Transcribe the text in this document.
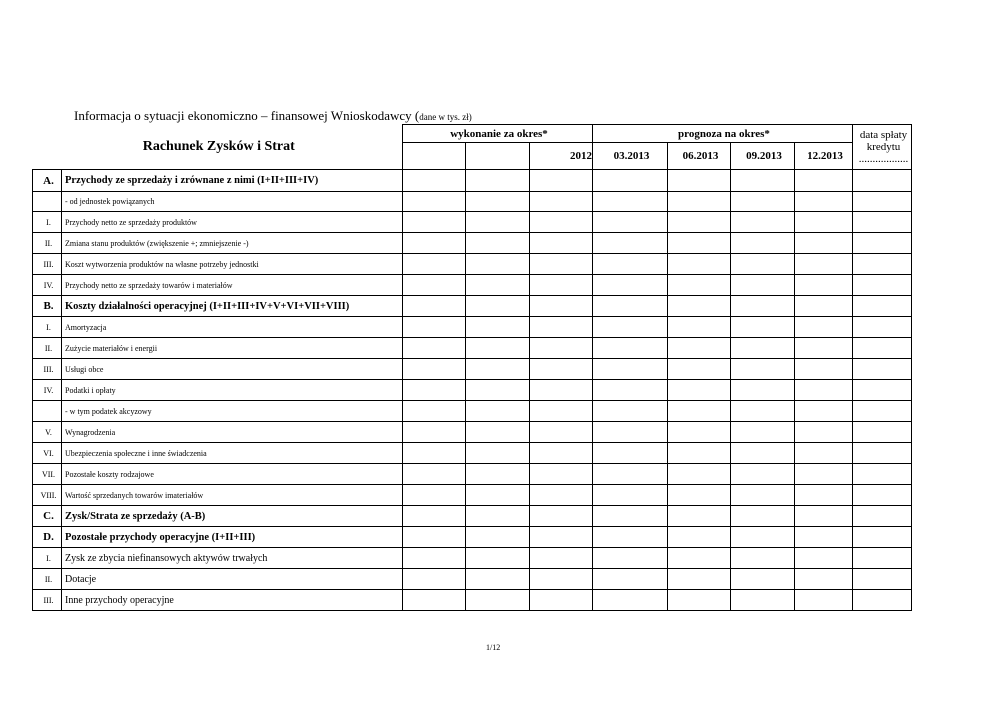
Informacja o sytuacji ekonomiczno – finansowej Wnioskodawcy (dane w tys. zł)
Rachunek Zysków i Strat		wykonanie za okres*			prognoza na okres*				data spłaty
kredytu
..................

				2012	03.2013	06.2013	09.2013	12.2013	
A.	Przychody ze sprzedaży i zrównane z nimi (I+II+III+IV)								
	- od jednostek powiązanych								
I.	Przychody netto ze sprzedaży produktów								
II.	Zmiana stanu produktów (zwiększenie +; zmniejszenie -)								
III.	Koszt wytworzenia produktów na własne potrzeby jednostki								
IV.	Przychody netto ze sprzedaży towarów i materiałów								
B.	Koszty działalności operacyjnej (I+II+III+IV+V+VI+VII+VIII)								
I.	Amortyzacja								
II.	Zużycie materiałów i energii								
III.	Usługi obce								
IV.	Podatki i opłaty								
	- w tym podatek akcyzowy								
V.	Wynagrodzenia								
VI.	Ubezpieczenia społeczne i inne świadczenia								
VII.	Pozostałe koszty rodzajowe								
VIII.	Wartość sprzedanych towarów imateriałów								
C.	Zysk/Strata ze sprzedaży (A-B)								
D.	Pozostałe przychody operacyjne (I+II+III)								
I.	Zysk ze zbycia niefinansowych aktywów trwałych								
II.	Dotacje								
III.	Inne przychody operacyjne								
1/12
